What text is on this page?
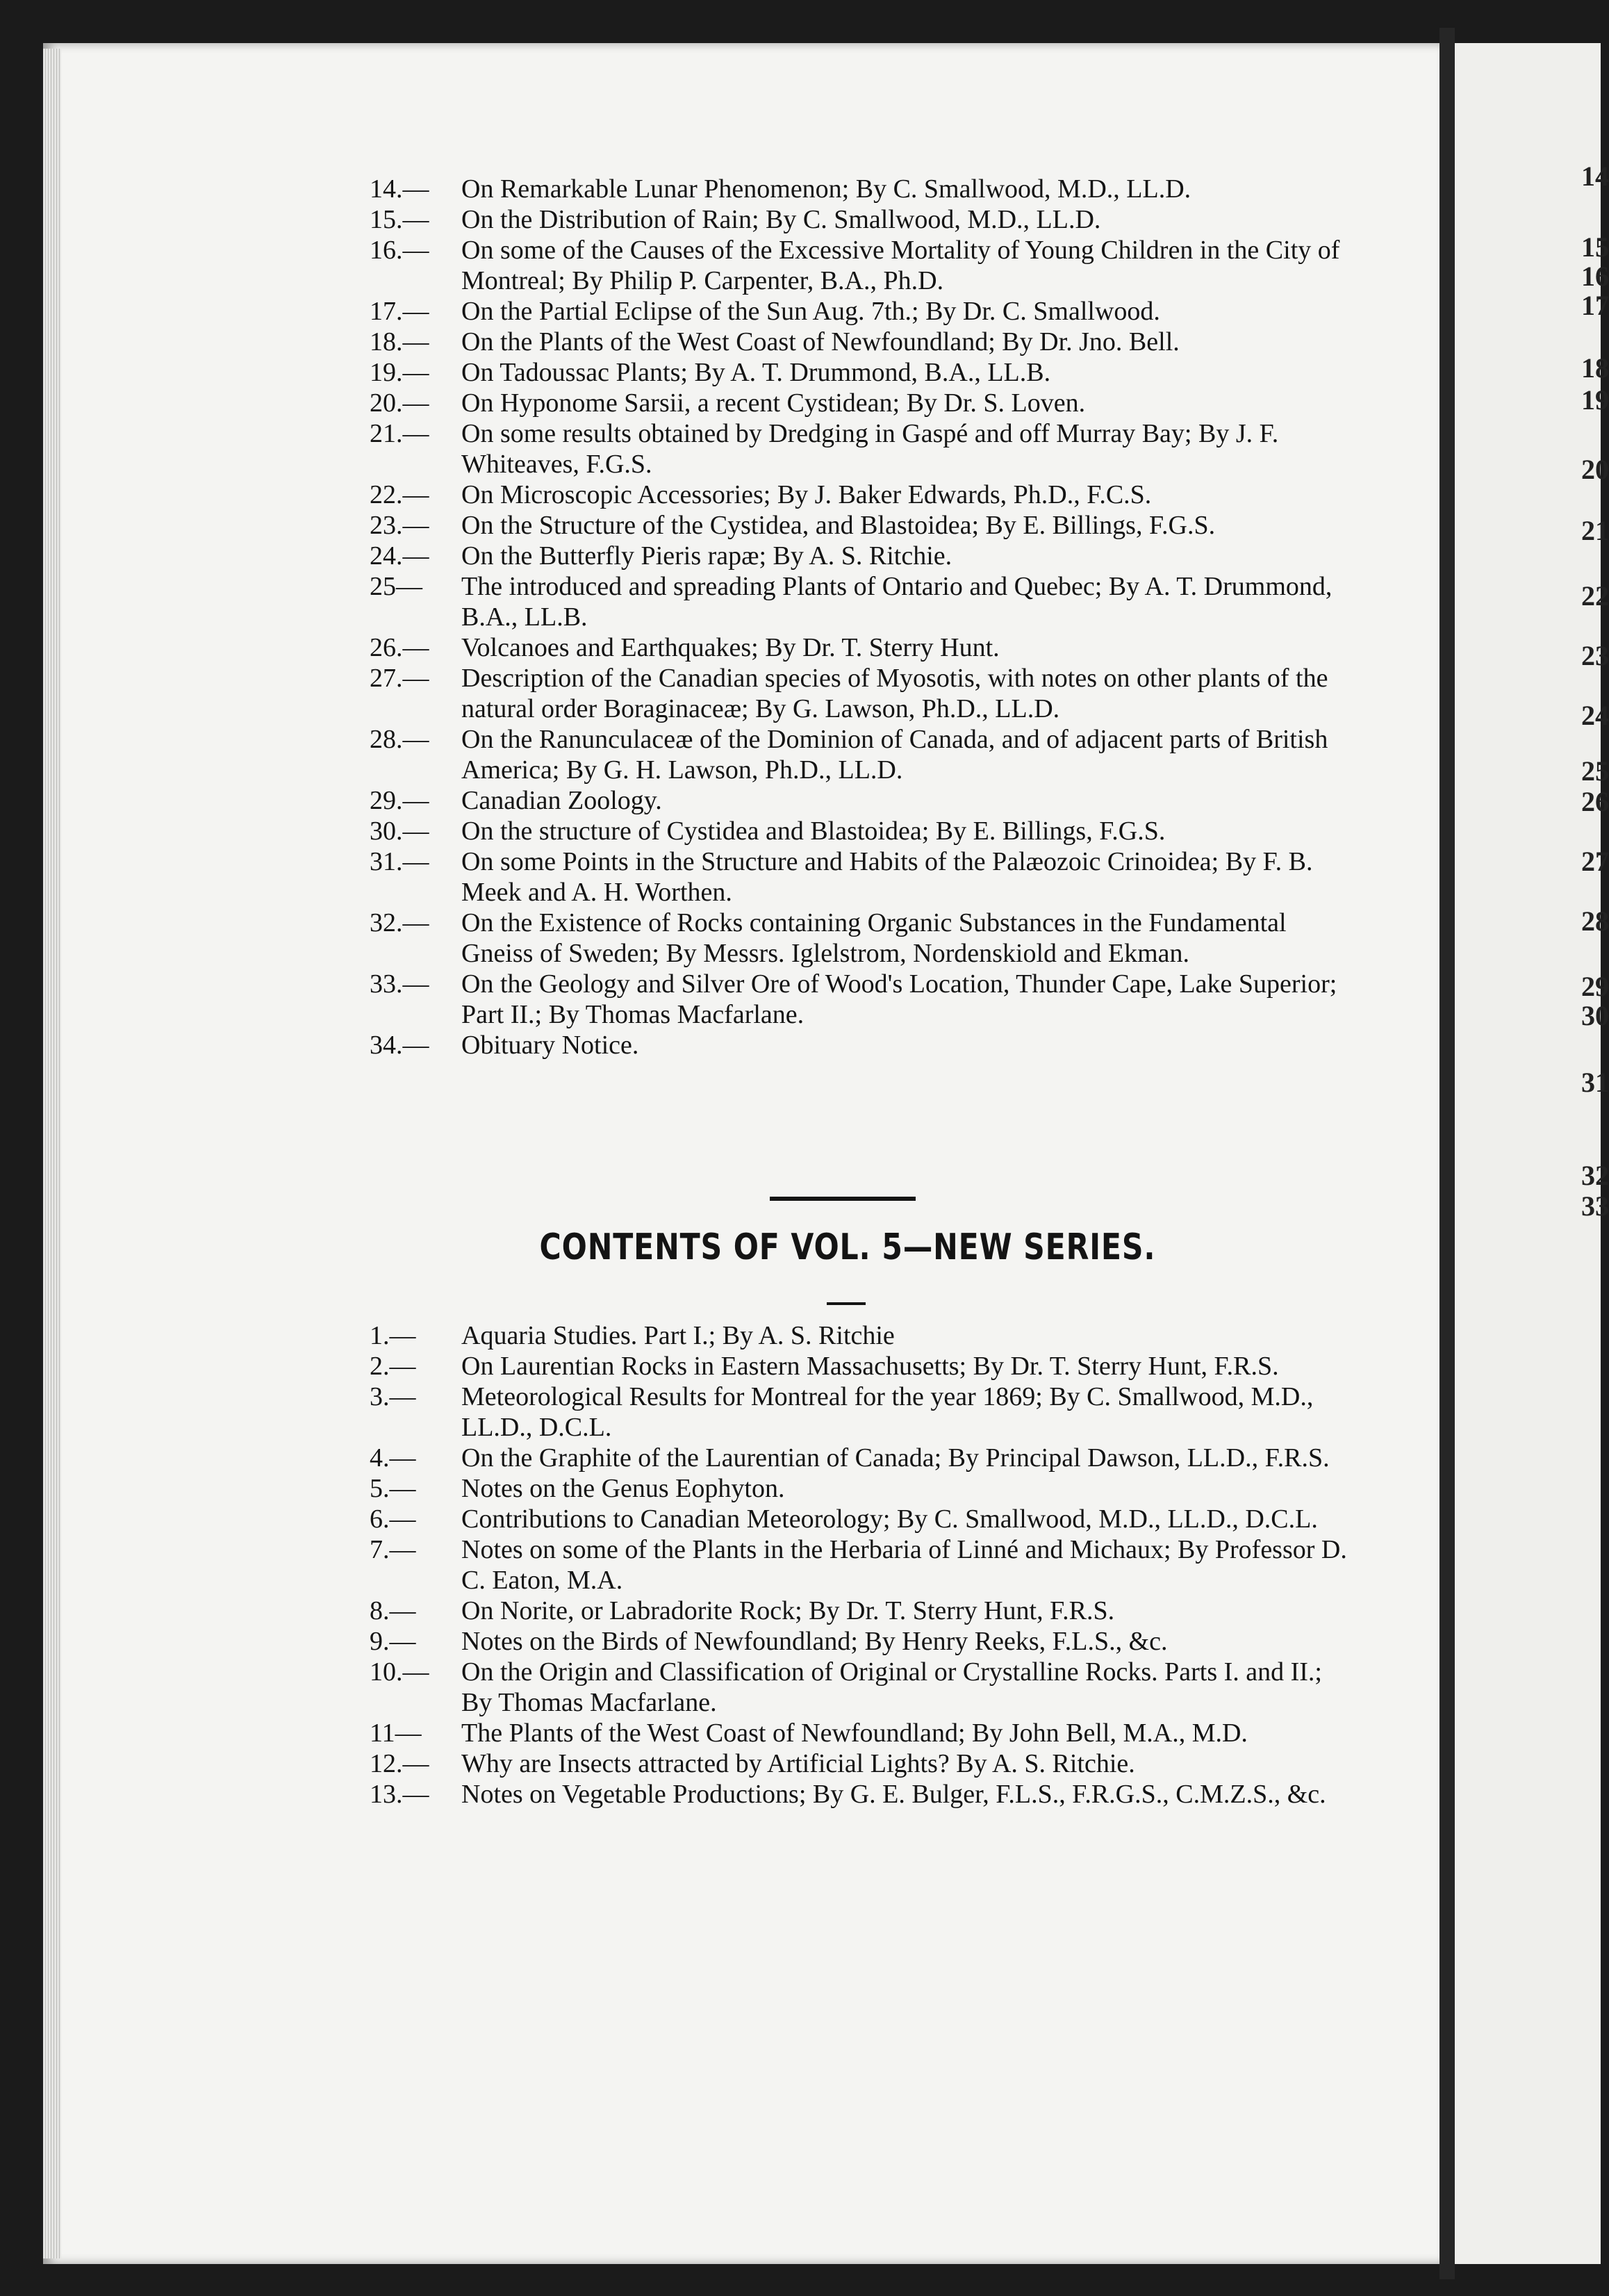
14
15
16
17
18
19
20
21
22
23
24
25
26
27
28
29
30
31
32
33
14.— On Remarkable Lunar Phenomenon; By C. Smallwood, M.D., LL.D.
15.— On the Distribution of Rain; By C. Smallwood, M.D., LL.D.
16.— On some of the Causes of the Excessive Mortality of Young Children in the City of Montreal; By Philip P. Carpenter, B.A., Ph.D.
17.— On the Partial Eclipse of the Sun Aug. 7th.; By Dr. C. Smallwood.
18.— On the Plants of the West Coast of Newfoundland; By Dr. Jno. Bell.
19.— On Tadoussac Plants; By A. T. Drummond, B.A., LL.B.
20.— On Hyponome Sarsii, a recent Cystidean; By Dr. S. Loven.
21.— On some results obtained by Dredging in Gaspé and off Murray Bay; By J. F. Whiteaves, F.G.S.
22.— On Microscopic Accessories; By J. Baker Edwards, Ph.D., F.C.S.
23.— On the Structure of the Cystidea, and Blastoidea; By E. Billings, F.G.S.
24.— On the Butterfly Pieris rapæ; By A. S. Ritchie.
25— The introduced and spreading Plants of Ontario and Quebec; By A. T. Drummond, B.A., LL.B.
26.— Volcanoes and Earthquakes; By Dr. T. Sterry Hunt.
27.— Description of the Canadian species of Myosotis, with notes on other plants of the natural order Boraginaceæ; By G. Lawson, Ph.D., LL.D.
28.— On the Ranunculaceæ of the Dominion of Canada, and of adjacent parts of British America; By G. H. Lawson, Ph.D., LL.D.
29.— Canadian Zoology.
30.— On the structure of Cystidea and Blastoidea; By E. Billings, F.G.S.
31.— On some Points in the Structure and Habits of the Palæozoic Crinoidea; By F. B. Meek and A. H. Worthen.
32.— On the Existence of Rocks containing Organic Substances in the Fundamental Gneiss of Sweden; By Messrs. Iglelstrom, Nordenskiold and Ekman.
33.— On the Geology and Silver Ore of Wood's Location, Thunder Cape, Lake Superior; Part II.; By Thomas Macfarlane.
34.— Obituary Notice.
CONTENTS OF VOL. 5—NEW SERIES.
1.— Aquaria Studies. Part I.; By A. S. Ritchie
2.— On Laurentian Rocks in Eastern Massachusetts; By Dr. T. Sterry Hunt, F.R.S.
3.— Meteorological Results for Montreal for the year 1869; By C. Smallwood, M.D., LL.D., D.C.L.
4.— On the Graphite of the Laurentian of Canada; By Principal Dawson, LL.D., F.R.S.
5.— Notes on the Genus Eophyton.
6.— Contributions to Canadian Meteorology; By C. Smallwood, M.D., LL.D., D.C.L.
7.— Notes on some of the Plants in the Herbaria of Linné and Michaux; By Professor D. C. Eaton, M.A.
8.— On Norite, or Labradorite Rock; By Dr. T. Sterry Hunt, F.R.S.
9.— Notes on the Birds of Newfoundland; By Henry Reeks, F.L.S., &c.
10.— On the Origin and Classification of Original or Crystalline Rocks. Parts I. and II.; By Thomas Macfarlane.
11— The Plants of the West Coast of Newfoundland; By John Bell, M.A., M.D.
12.— Why are Insects attracted by Artificial Lights? By A. S. Ritchie.
13.— Notes on Vegetable Productions; By G. E. Bulger, F.L.S., F.R.G.S., C.M.Z.S., &c.
